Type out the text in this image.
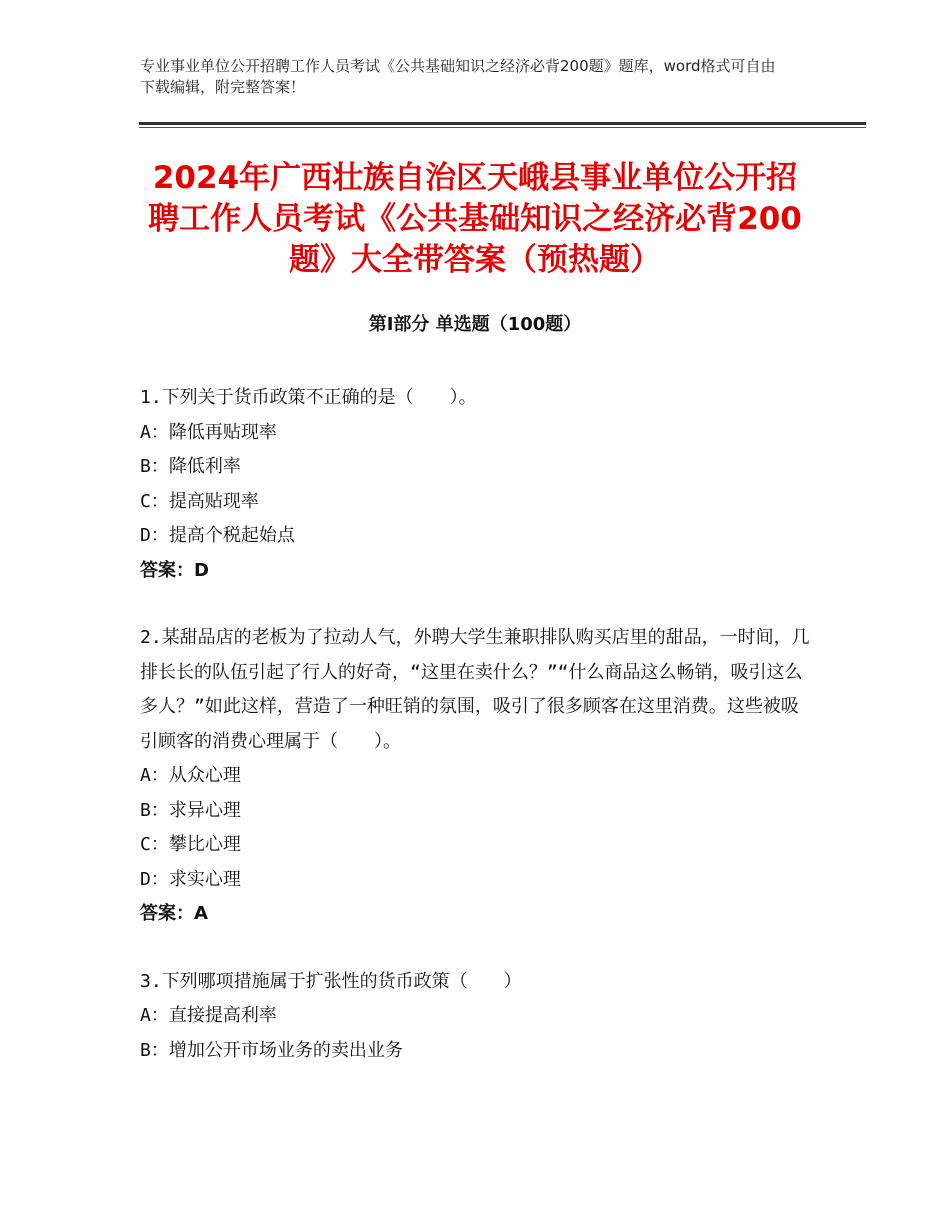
专业事业单位公开招聘工作人员考试《公共基础知识之经济必背200题》题库，word格式可自由下载编辑，附完整答案！
2024年广西壮族自治区天峨县事业单位公开招聘工作人员考试《公共基础知识之经济必背200题》大全带答案（预热题）
第Ⅰ部分 单选题（100题）

1.下列关于货币政策不正确的是（　　）。

A：降低再贴现率

B：降低利率

C：提高贴现率

D：提高个税起始点

答案：D

2.某甜品店的老板为了拉动人气，外聘大学生兼职排队购买店里的甜品，一时间，几排长长的队伍引起了行人的好奇，“这里在卖什么？”“什么商品这么畅销，吸引这么多人？”如此这样，营造了一种旺销的氛围，吸引了很多顾客在这里消费。这些被吸引顾客的消费心理属于（　　）。

A：从众心理

B：求异心理

C：攀比心理

D：求实心理

答案：A

3.下列哪项措施属于扩张性的货币政策（　　）

A：直接提高利率

B：增加公开市场业务的卖出业务
